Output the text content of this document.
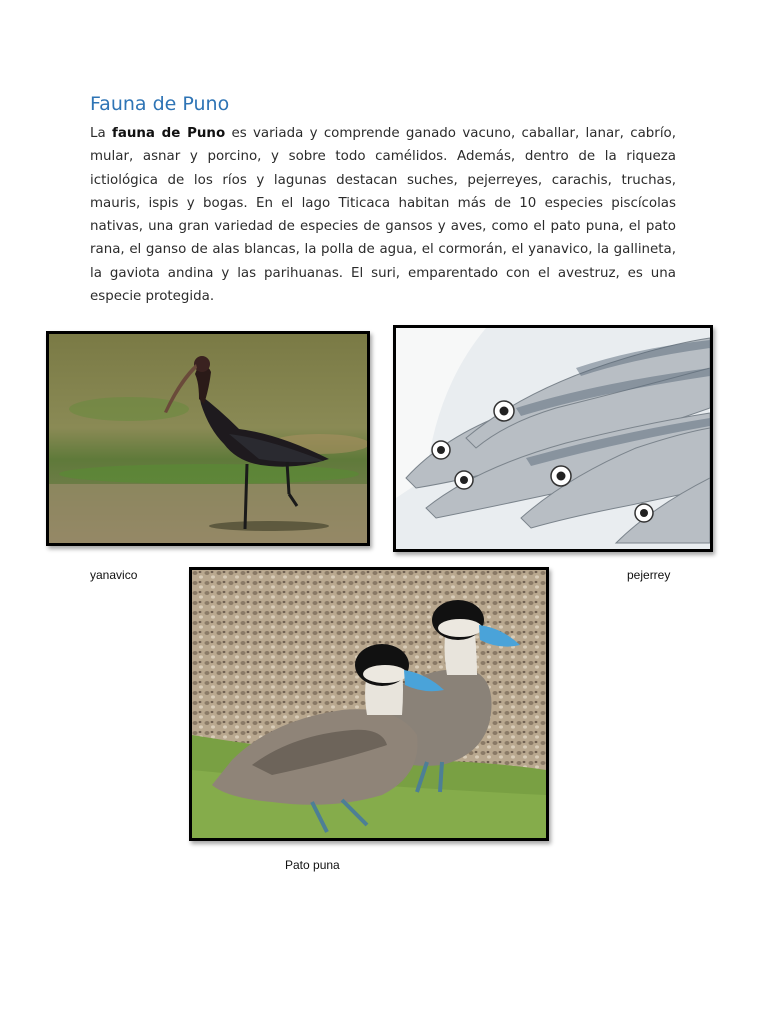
Fauna de Puno

La fauna de Puno es variada y comprende ganado vacuno, caballar, lanar, cabrío, mular, asnar y porcino, y sobre todo camélidos. Además, dentro de la riqueza ictiológica de los ríos y lagunas destacan suches, pejerreyes, carachis, truchas, mauris, ispis y bogas. En el lago Titicaca habitan más de 10 especies piscícolas nativas, una gran variedad de especies de gansos y aves, como el pato puna, el pato rana, el ganso de alas blancas, la polla de agua, el cormorán, el yanavico, la gallineta, la gaviota andina y las parihuanas. El suri, emparentado con el avestruz, es una especie protegida.

yanavico	pejerrey
Pato puna
